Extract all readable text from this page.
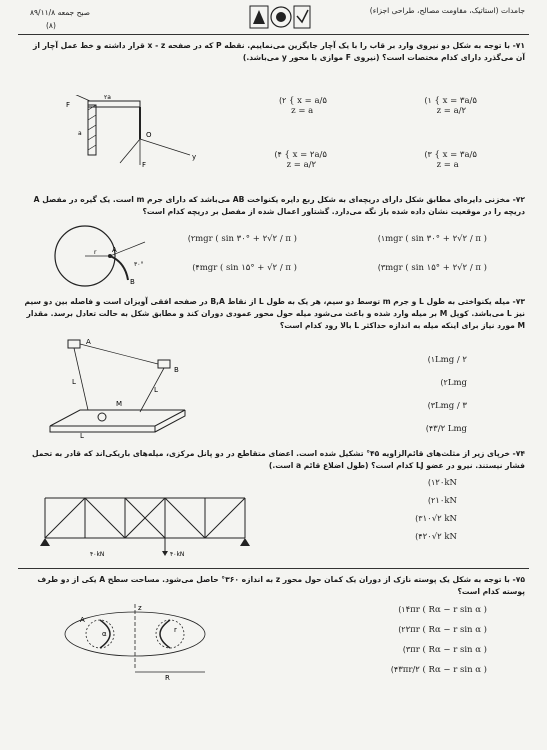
جامدات (استاتیک، مقاومت مصالح، طراحی اجزاء)
صبح جمعه ۸۹/۱۱/۸
(۸)
۷۱- با توجه به شکل دو نیروی وارد بر قاب را با یک آچار جایگزین می‌نماییم. نقطه P که در صفحه x - z قرار داشته و خط عمل آچار از آن می‌گذرد دارای کدام مختصات است؟ (نیروی F موازی با محور y می‌باشد.)
F
F
۲a
a	O
y
(۱ { x = ۳a/۵
z = a/۲
(۲ { x = a/۵
z = a
(۳ { x = ۳a/۵
z = a
(۴ { x = ۲a/۵
z = a/۲
۷۲- مخزنی دایره‌ای مطابق شکل دارای دریچه‌ای به شکل ربع دایره یکنواخت AB می‌باشد که دارای جرم m است. یک گیره در مفصل A دریچه را در موقعیت نشان داده شده باز نگه می‌دارد. گشتاور اعمال شده از مفصل بر دریچه کدام است؟
A
B
۳۰°
r
(۱mgr ( sin ۳۰° + ۲√۲ / π )
(۲mgr ( sin ۳۰° + ۲√۲ / π )
(۳mgr ( sin ۱۵° + ۲√۲ / π )
(۴mgr ( sin ۱۵° + √۲ / π )
۷۳- میله یکنواختی به طول L و جرم m توسط دو سیم، هر یک به طول L از نقاط B,A در صفحه افقی آویزان است و فاصله بین دو سیم نیز L می‌باشد. کوپل M بر میله وارد شده و باعث می‌شود میله حول محور عمودی دوران کند و مطابق شکل به حالت تعادل برسد. مقدار M مورد نیاز برای اینکه میله به اندازه حداکثر L بالا رود کدام است؟
A
B
L
L
L
M
(۱Lmg / ۲
(۲Lmg
(۳Lmg / ۳
(۴۳/۲ Lmg
۷۴- خرپای زیر از مثلث‌های قائم‌الزاویه ۴۵° تشکیل شده است. اعضای متقاطع در دو پانل مرکزی، میله‌های باریکی‌اند که قادر به تحمل فشار نیستند. نیرو در عضو LJ کدام است؟ (طول اضلاع قائم a است.)
۴۰kN
۴۰kN
(۱۲۰kN
(۲۱۰kN
(۳۱۰√۲ kN
(۴۲۰√۲ kN
۷۵- با توجه به شکل یک پوسته نازک از دوران یک کمان حول محور z به اندازه ۳۶۰° حاصل می‌شود. مساحت سطح A یکی از دو طرف پوسته کدام است؟
z
r
R
α
A
(۱۴πr ( Rα − r sin α )
(۲۲πr ( Rα − r sin α )
(۳πr ( Rα − r sin α )
(۴۳πr/۲ ( Rα − r sin α )
